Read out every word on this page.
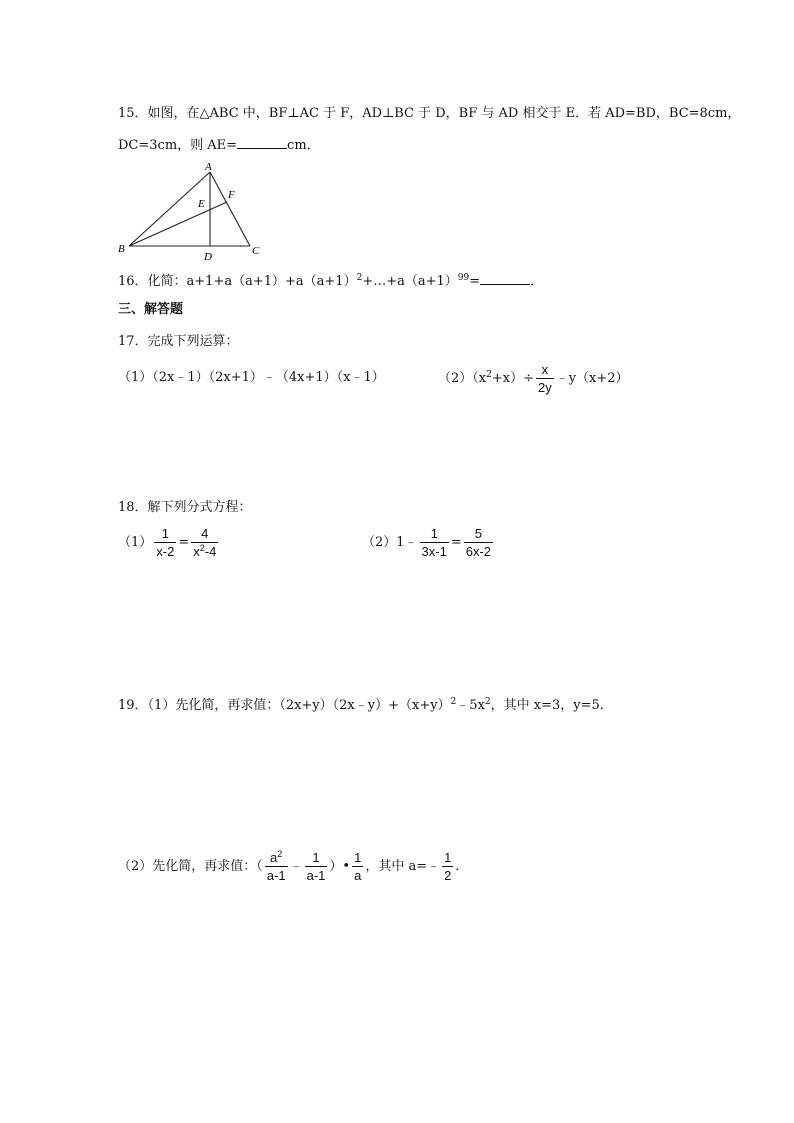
15．如图，在△ABC 中，BF⊥AC 于 F，AD⊥BC 于 D，BF 与 AD 相交于 E．若 AD=BD，BC=8cm，
DC=3cm，则 AE=	cm．
A
B	C
D
E
F
16．化简：$a+1+a(a+1)+a(a+1)^2+\dots+a(a+1)^{99}=$	．
三、解答题
17．完成下列运算：
（1）（2x﹣1）（2x+1）﹣（4x+1）（x﹣1）	$(2)(x^2+x)\div \frac{x}{2y}$ ﹣y（x+2）
18．解下列分式方程：
$(1) \frac{1}{x-2} = \frac{4}{x^2-4}$	（2）1﹣ $\frac{1}{3x-1} = \frac{5}{6x-2}$
19．（1）先化简，再求值：$(2x+y)(2x﹣y)+(x+y)^2﹣5x^2$，其中 x=3，y=5．
（2）先化简，再求值：（ $\frac{a^2}{a-1}$ ﹣ $\frac{1}{a-1}$ ）• $\frac{1}{a}$ ，其中 a=﹣ $\frac{1}{2}$ ．
